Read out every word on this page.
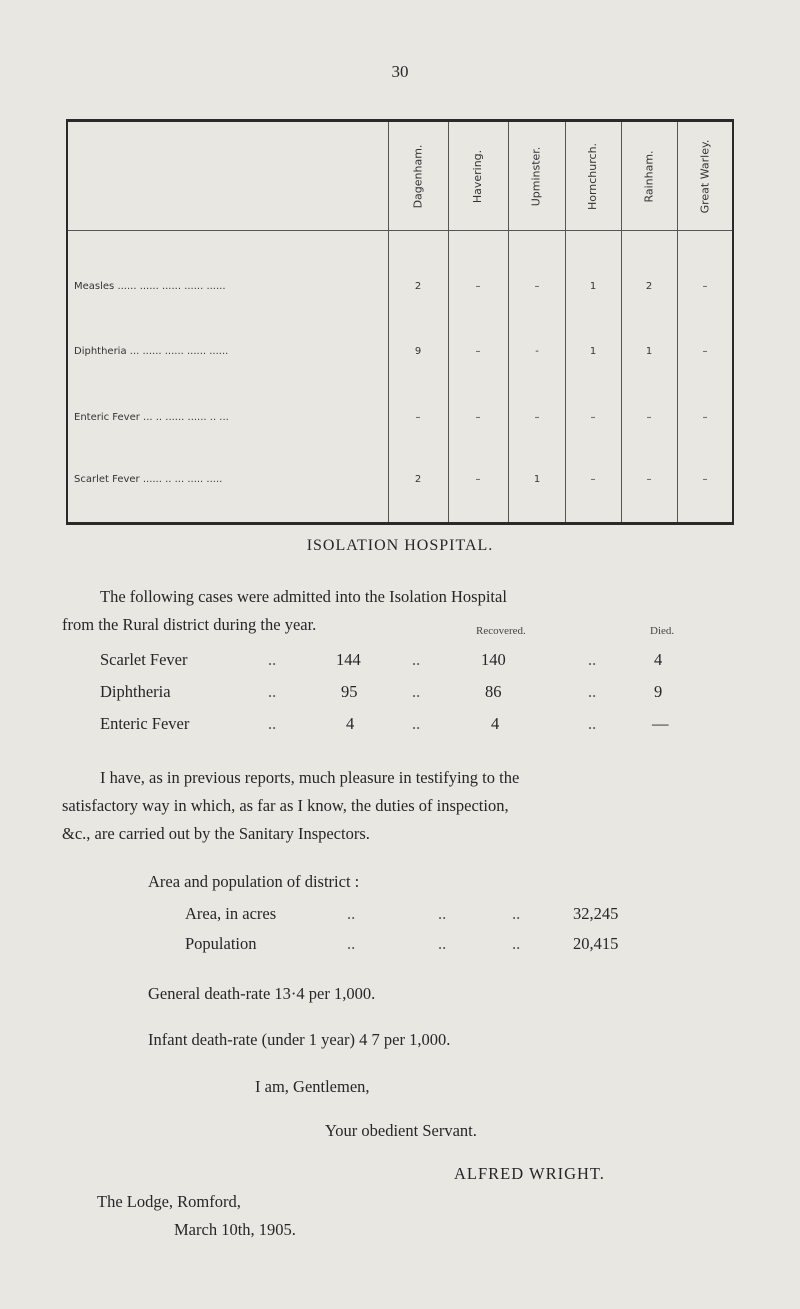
30
Dagenham.	Havering.	Upminster.	Hornchurch.	Rainham.	Great Warley.
Measles ...... ...... ...... ...... ......	2	–	–	1	2	–
Diphtheria ... ...... ...... ...... ......	9	–	-	1	1	–
Enteric Fever ... .. ...... ...... .. ...	–	–	–	–	–	–
Scarlet Fever ...... .. ... ..... .....	2	–	1	–	–	–
ISOLATION HOSPITAL.
The following cases were admitted into the Isolation Hospital
from the Rural district during the year.	Recovered.	Died.
Scarlet Fever	..	144	..	140	..	4
Diphtheria	..	95	..	86	..	9
Enteric Fever	..	4	..	4	..	—
I have, as in previous reports, much pleasure in testifying to the
satisfactory way in which, as far as I know, the duties of inspection,
&c., are carried out by the Sanitary Inspectors.
Area and population of district :
Area, in acres	..	..	..	32,245
Population	..	..	..	20,415
General death-rate 13·4 per 1,000.
Infant death-rate (under 1 year) 4 7 per 1,000.
I am, Gentlemen,
Your obedient Servant.
ALFRED WRIGHT.
The Lodge, Romford,
March 10th, 1905.
